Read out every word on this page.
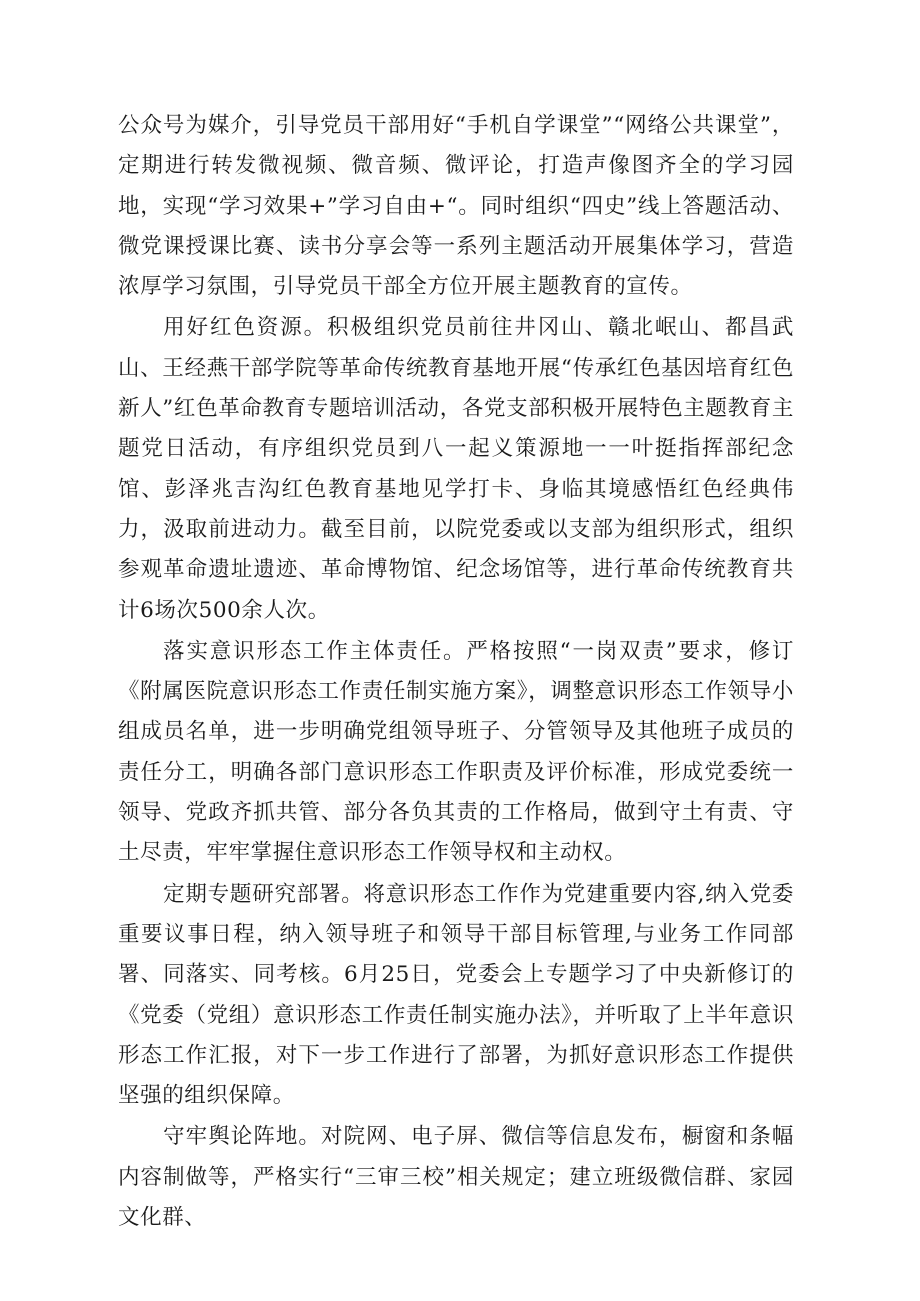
公众号为媒介，引导党员干部用好“手机自学课堂”“网络公共课堂”，定期进行转发微视频、微音频、微评论，打造声像图齐全的学习园地，实现“学习效果+”学习自由+“。同时组织“四史”线上答题活动、微党课授课比赛、读书分享会等一系列主题活动开展集体学习，营造浓厚学习氛围，引导党员干部全方位开展主题教育的宣传。

用好红色资源。积极组织党员前往井冈山、赣北岷山、都昌武山、王经燕干部学院等革命传统教育基地开展“传承红色基因培育红色新人”红色革命教育专题培训活动，各党支部积极开展特色主题教育主题党日活动，有序组织党员到八一起义策源地一一叶挺指挥部纪念馆、彭泽兆吉沟红色教育基地见学打卡、身临其境感悟红色经典伟力，汲取前进动力。截至目前，以院党委或以支部为组织形式，组织参观革命遗址遗迹、革命博物馆、纪念场馆等，进行革命传统教育共计6场次500余人次。

落实意识形态工作主体责任。严格按照“一岗双责”要求，修订《附属医院意识形态工作责任制实施方案》，调整意识形态工作领导小组成员名单，进一步明确党组领导班子、分管领导及其他班子成员的责任分工，明确各部门意识形态工作职责及评价标准，形成党委统一领导、党政齐抓共管、部分各负其责的工作格局，做到守土有责、守土尽责，牢牢掌握住意识形态工作领导权和主动权。

定期专题研究部署。将意识形态工作作为党建重要内容,纳入党委重要议事日程，纳入领导班子和领导干部目标管理,与业务工作同部署、同落实、同考核。6月25日，党委会上专题学习了中央新修订的《党委（党组）意识形态工作责任制实施办法》，并听取了上半年意识形态工作汇报，对下一步工作进行了部署，为抓好意识形态工作提供坚强的组织保障。

守牢舆论阵地。对院网、电子屏、微信等信息发布，橱窗和条幅内容制做等，严格实行“三审三校”相关规定；建立班级微信群、家园文化群、
